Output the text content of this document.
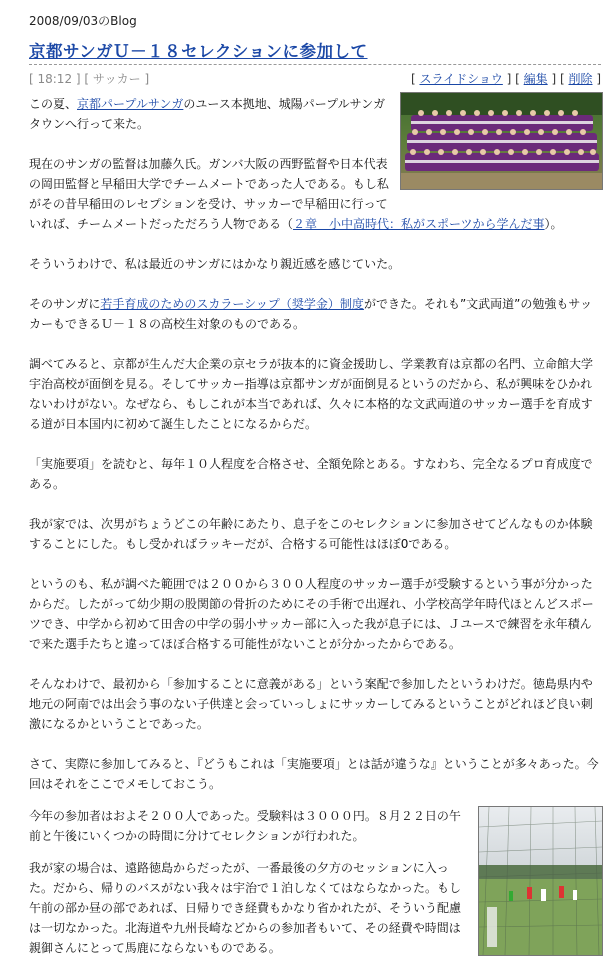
2008/09/03のBlog
京都サンガＵ－１８セレクションに参加して
[ 18:12 ] [ サッカー ]	[ スライドショウ ] [ 編集 ] [ 削除 ]

この夏、京都パープルサンガのユース本拠地、城陽パープルサンガタウンへ行って来た。

現在のサンガの監督は加藤久氏。ガンバ大阪の西野監督や日本代表の岡田監督と早稲田大学でチームメートであった人である。もし私がその昔早稲田のレセプションを受け、サッカーで早稲田に行っていれば、チームメートだっただろう人物である（２章　小中高時代：私がスポーツから学んだ事）。

そういうわけで、私は最近のサンガにはかなり親近感を感じていた。

そのサンガに若手育成のためのスカラーシップ（奨学金）制度ができた。それも”文武両道”の勉強もサッカーもできるＵ－１８の高校生対象のものである。

調べてみると、京都が生んだ大企業の京セラが抜本的に資金援助し、学業教育は京都の名門、立命館大学宇治高校が面倒を見る。そしてサッカー指導は京都サンガが面倒見るというのだから、私が興味をひかれないわけがない。なぜなら、もしこれが本当であれば、久々に本格的な文武両道のサッカー選手を育成する道が日本国内に初めて誕生したことになるからだ。

「実施要項」を読むと、毎年１０人程度を合格させ、全額免除とある。すなわち、完全なるプロ育成度である。

我が家では、次男がちょうどこの年齢にあたり、息子をこのセレクションに参加させてどんなものか体験することにした。もし受かればラッキーだが、合格する可能性はほぼ0である。

というのも、私が調べた範囲では２００から３００人程度のサッカー選手が受験するという事が分かったからだ。したがって幼少期の股関節の骨折のためにその手術で出遅れ、小学校高学年時代ほとんどスポーツでき、中学から初めて田舎の中学の弱小サッカー部に入った我が息子には、Ｊユースで練習を永年積んで来た選手たちと違ってほぼ合格する可能性がないことが分かったからである。

そんなわけで、最初から「参加することに意義がある」という案配で参加したというわけだ。徳島県内や地元の阿南では出会う事のない子供達と会っていっしょにサッカーしてみるということがどれほど良い刺激になるかということであった。

さて、実際に参加してみると、『どうもこれは「実施要項」とは話が違うな』ということが多々あった。今回はそれをここでメモしておこう。

今年の参加者はおよそ２００人であった。受験料は３０００円。８月２２日の午前と午後にいくつかの時間に分けてセレクションが行われた。

我が家の場合は、遠路徳島からだったが、一番最後の夕方のセッションに入った。だから、帰りのバスがない我々は宇治で１泊しなくてはならなかった。もし午前の部か昼の部であれば、日帰りでき経費もかなり省かれたが、そういう配慮は一切なかった。北海道や九州長崎などからの参加者もいて、その経費や時間は親御さんにとって馬鹿にならないものである。
